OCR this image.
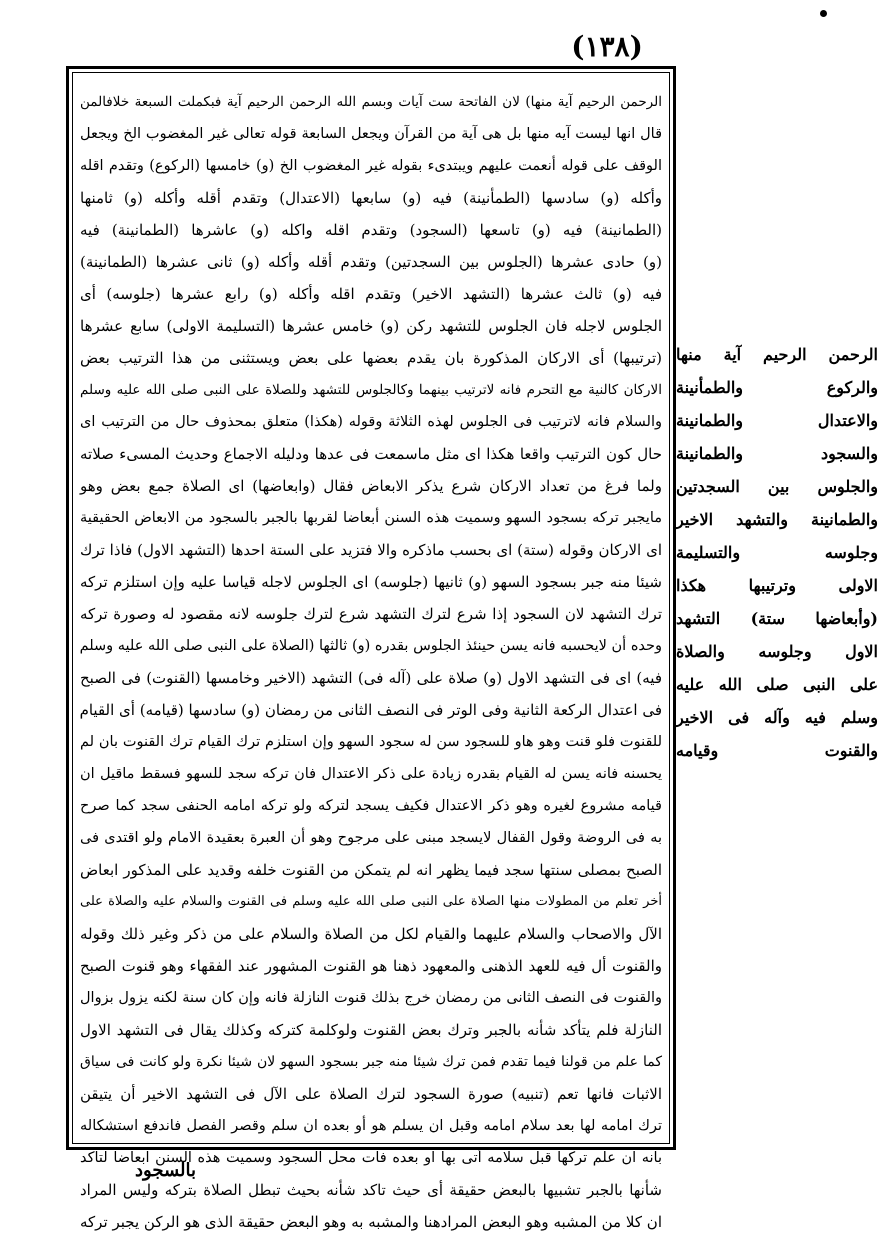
(١٣٨)
الرحمن الرحيم آية منها) لان الفاتحة ست آيات وبسم الله الرحمن الرحيم آية فبكملت السبعة خلافالمن
قال انها ليست آيه منها بل هى آية من القرآن ويجعل السابعة قوله تعالى غير المغضوب الخ ويجعل
الوقف على قوله أنعمت عليهم ويبتدىء بقوله غير المغضوب الخ (و) خامسها (الركوع) وتقدم اقله
وأكله (و) سادسها (الطمأنينة) فيه (و) سابعها (الاعتدال) وتقدم أقله وأكله (و) ثامنها
(الطمانينة) فيه (و) تاسعها (السجود) وتقدم اقله واكله (و) عاشرها (الطمانينة) فيه
(و) حادى عشرها (الجلوس بين السجدتين) وتقدم أقله وأكله (و) ثانى عشرها (الطمانينة)
فيه (و) ثالث عشرها (التشهد الاخير) وتقدم اقله وأكله (و) رابع عشرها (جلوسه) أى
الجلوس لاجله فان الجلوس للتشهد ركن (و) خامس عشرها (التسليمة الاولى) سابع عشرها
(ترتيبها) أى الاركان المذكورة بان يقدم بعضها على بعض ويستثنى من هذا الترتيب بعض
الاركان كالنية مع التحرم فانه لاترتيب بينهما وكالجلوس للتشهد وللصلاة على النبى صلى الله عليه وسلم
والسلام فانه لاترتيب فى الجلوس لهذه الثلاثة وقوله (هكذا) متعلق بمحذوف حال من الترتيب اى
حال كون الترتيب واقعا هكذا اى مثل ماسمعت فى عدها ودليله الاجماع وحديث المسىء صلاته
ولما فرغ من تعداد الاركان شرع يذكر الابعاض فقال (وابعاضها) اى الصلاة جمع بعض وهو
مايجبر تركه بسجود السهو وسميت هذه السنن أبعاضا لقربها بالجبر بالسجود من الابعاض الحقيقية
اى الاركان وقوله (ستة) اى بحسب ماذكره والا فتزيد على الستة احدها (التشهد الاول) فاذا ترك
شيئا منه جبر بسجود السهو (و) ثانيها (جلوسه) اى الجلوس لاجله قياسا عليه وإن استلزم تركه
ترك التشهد لان السجود إذا شرع لترك التشهد شرع لترك جلوسه لانه مقصود له وصورة تركه
وحده أن لايحسبه فانه يسن حينئذ الجلوس بقدره (و) ثالثها (الصلاة على النبى صلى الله عليه وسلم
فيه) اى فى التشهد الاول (و) صلاة على (آله فى) التشهد (الاخير وخامسها (القنوت) فى الصبح
فى اعتدال الركعة الثانية وفى الوتر فى النصف الثانى من رمضان (و) سادسها (قيامه) أى القيام
للقنوت فلو قنت وهو هاو للسجود سن له سجود السهو وإن استلزم ترك القيام ترك القنوت بان لم
يحسنه فانه يسن له القيام بقدره زيادة على ذكر الاعتدال فان تركه سجد للسهو فسقط ماقيل ان
قيامه مشروع لغيره وهو ذكر الاعتدال فكيف يسجد لتركه ولو تركه امامه الحنفى سجد كما صرح
به فى الروضة وقول القفال لايسجد مبنى على مرجوح وهو أن العبرة بعقيدة الامام ولو اقتدى فى
الصبح بمصلى سنتها سجد فيما يظهر انه لم يتمكن من القنوت خلفه وقديد على المذكور ابعاض
أخر تعلم من المطولات منها الصلاة على النبى صلى الله عليه وسلم فى القنوت والسلام عليه والصلاة على
الآل والاصحاب والسلام عليهما والقيام لكل من الصلاة والسلام على من ذكر وغير ذلك وقوله
والقنوت أل فيه للعهد الذهنى والمعهود ذهنا هو القنوت المشهور عند الفقهاء وهو قنوت الصبح
والقنوت فى النصف الثانى من رمضان خرج بذلك قنوت النازلة فانه وإن كان سنة لكنه يزول بزوال
النازلة فلم يتأكد شأنه بالجبر وترك بعض القنوت ولوكلمة كتركه وكذلك يقال فى التشهد الاول
كما علم من قولنا فيما تقدم فمن ترك شيئا منه جبر بسجود السهو لان شيئا نكرة ولو كانت فى سياق
الاثبات فانها تعم (تنبيه) صورة السجود لترك الصلاة على الآل فى التشهد الاخير أن يتيقن
ترك امامه لها بعد سلام امامه وقبل ان يسلم هو أو بعده ان سلم وقصر الفصل فاندفع استشكاله
بانه ان علم تركها قبل سلامه أتى بها او بعده فات محل السجود وسميت هذه السنن ابعاضا لتاكد
شأنها بالجبر تشبيها بالبعض حقيقة أى حيث تاكد شأنه بحيث تبطل الصلاة بتركه وليس المراد
ان كلا من المشبه وهو البعض المرادهنا والمشبه به وهو البعض حقيقة الذى هو الركن يجبر تركه
الرحمن الرحيم آية منها
والركوع والطمأنينة
والاعتدال والطمانينة
والسجود والطمانينة
والجلوس بين السجدتين
والطمانينة والتشهد الاخير
وجلوسه والتسليمة
الاولى وترتيبها هكذا
(وأبعاضها ستة) التشهد
الاول وجلوسه والصلاة
على النبى صلى الله عليه
وسلم فيه وآله فى الاخير
والقنوت وقيامه
بالسجود
